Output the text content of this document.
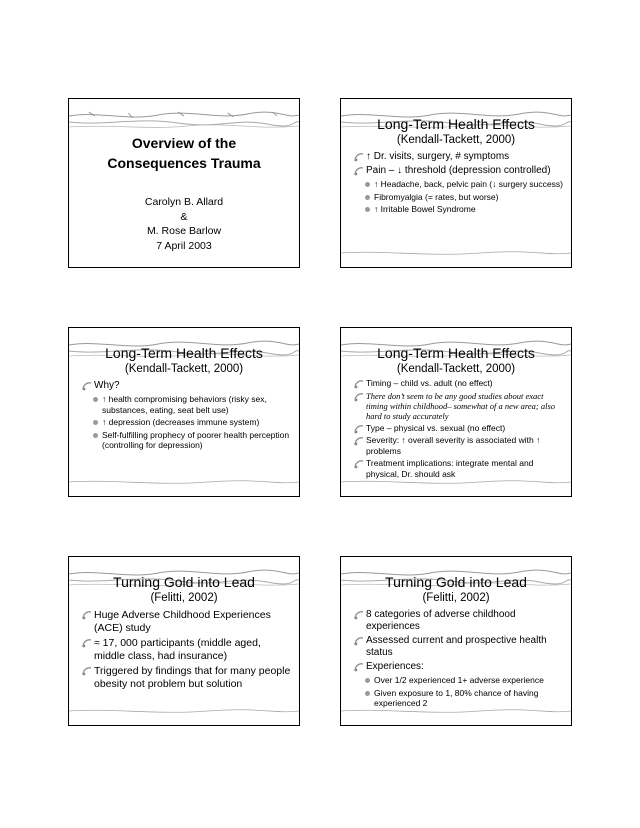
Overview of the
Consequences Trauma
Carolyn B. Allard
&
M. Rose Barlow
7 April 2003
Long-Term Health Effects
(Kendall-Tackett, 2000)
↑ Dr. visits, surgery, # symptoms
Pain – ↓ threshold (depression controlled)
↑ Headache, back, pelvic pain (↓ surgery success)
Fibromyalgia (= rates, but worse)
↑ Irritable Bowel Syndrome
Long-Term Health Effects
(Kendall-Tackett, 2000)
Why?
↑ health compromising behaviors (risky sex, substances, eating, seat belt use)
↑ depression (decreases immune system)
Self-fulfilling prophecy of poorer health perception (controlling for depression)
Long-Term Health Effects
(Kendall-Tackett, 2000)
Timing – child vs. adult (no effect)
There don’t seem to be any good studies about exact timing within childhood– somewhat of a new area; also hard to study accurately
Type – physical vs. sexual (no effect)
Severity: ↑ overall severity is associated with ↑ problems
Treatment implications: integrate mental and physical, Dr. should ask
Turning Gold into Lead
(Felitti, 2002)
Huge Adverse Childhood Experiences (ACE) study
≈ 17, 000 participants (middle aged, middle class, had insurance)
Triggered by findings that for many people obesity not problem but solution
Turning Gold into Lead
(Felitti, 2002)
8 categories of adverse childhood experiences
Assessed current and prospective health status
Experiences:
Over 1/2 experienced 1+ adverse experience
Given exposure to 1, 80% chance of having experienced 2
